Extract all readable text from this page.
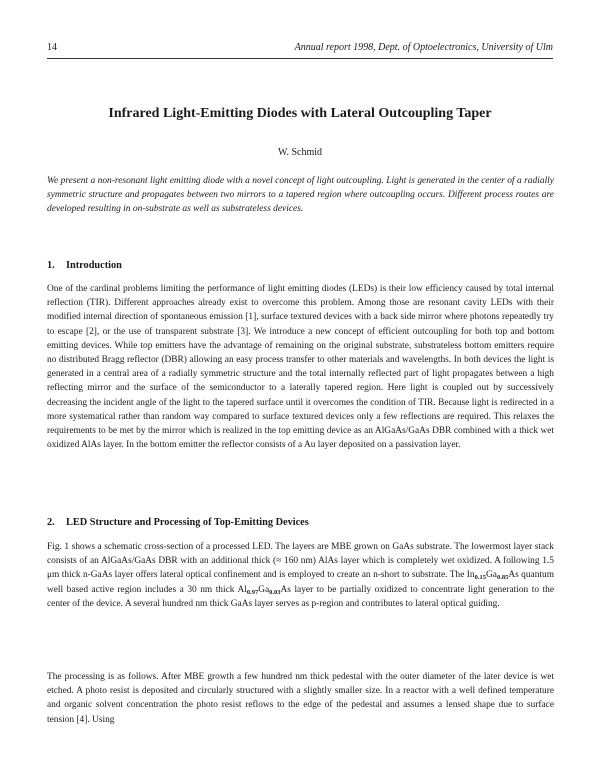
14	Annual report 1998, Dept. of Optoelectronics, University of Ulm
Infrared Light-Emitting Diodes with Lateral Outcoupling Taper
W. Schmid
We present a non-resonant light emitting diode with a novel concept of light outcoupling. Light is generated in the center of a radially symmetric structure and propagates between two mirrors to a tapered region where outcoupling occurs. Different process routes are developed resulting in on-substrate as well as substrateless devices.
1. Introduction

One of the cardinal problems limiting the performance of light emitting diodes (LEDs) is their low efficiency caused by total internal reflection (TIR). Different approaches already exist to overcome this problem. Among those are resonant cavity LEDs with their modified internal direction of spontaneous emission [1], surface textured devices with a back side mirror where photons repeatedly try to escape [2], or the use of transparent substrate [3]. We introduce a new concept of efficient outcoupling for both top and bottom emitting devices. While top emitters have the advantage of remaining on the original substrate, substrateless bottom emitters require no distributed Bragg reflector (DBR) allowing an easy process transfer to other materials and wavelengths. In both devices the light is generated in a central area of a radially symmetric structure and the total internally reflected part of light propagates between a high reflecting mirror and the surface of the semiconductor to a laterally tapered region. Here light is coupled out by successively decreasing the incident angle of the light to the tapered surface until it overcomes the condition of TIR. Because light is redirected in a more systematical rather than random way compared to surface textured devices only a few reflections are required. This relaxes the requirements to be met by the mirror which is realized in the top emitting device as an AlGaAs/GaAs DBR combined with a thick wet oxidized AlAs layer. In the bottom emitter the reflector consists of a Au layer deposited on a passivation layer.

2. LED Structure and Processing of Top-Emitting Devices

Fig. 1 shows a schematic cross-section of a processed LED. The layers are MBE grown on GaAs substrate. The lowermost layer stack consists of an AlGaAs/GaAs DBR with an additional thick (≈ 160 nm) AlAs layer which is completely wet oxidized. A following 1.5 μm thick n-GaAs layer offers lateral optical confinement and is employed to create an n-short to substrate. The $In_{0.15}Ga_{0.85}As$ quantum well based active region includes a 30 nm thick $Al_{0.97}Ga_{0.03}As$ layer to be partially oxidized to concentrate light generation to the center of the device. A several hundred nm thick GaAs layer serves as p-region and contributes to lateral optical guiding.

The processing is as follows. After MBE growth a few hundred nm thick pedestal with the outer diameter of the later device is wet etched. A photo resist is deposited and circularly structured with a slightly smaller size. In a reactor with a well defined temperature and organic solvent concentration the photo resist reflows to the edge of the pedestal and assumes a lensed shape due to surface tension [4]. Using
